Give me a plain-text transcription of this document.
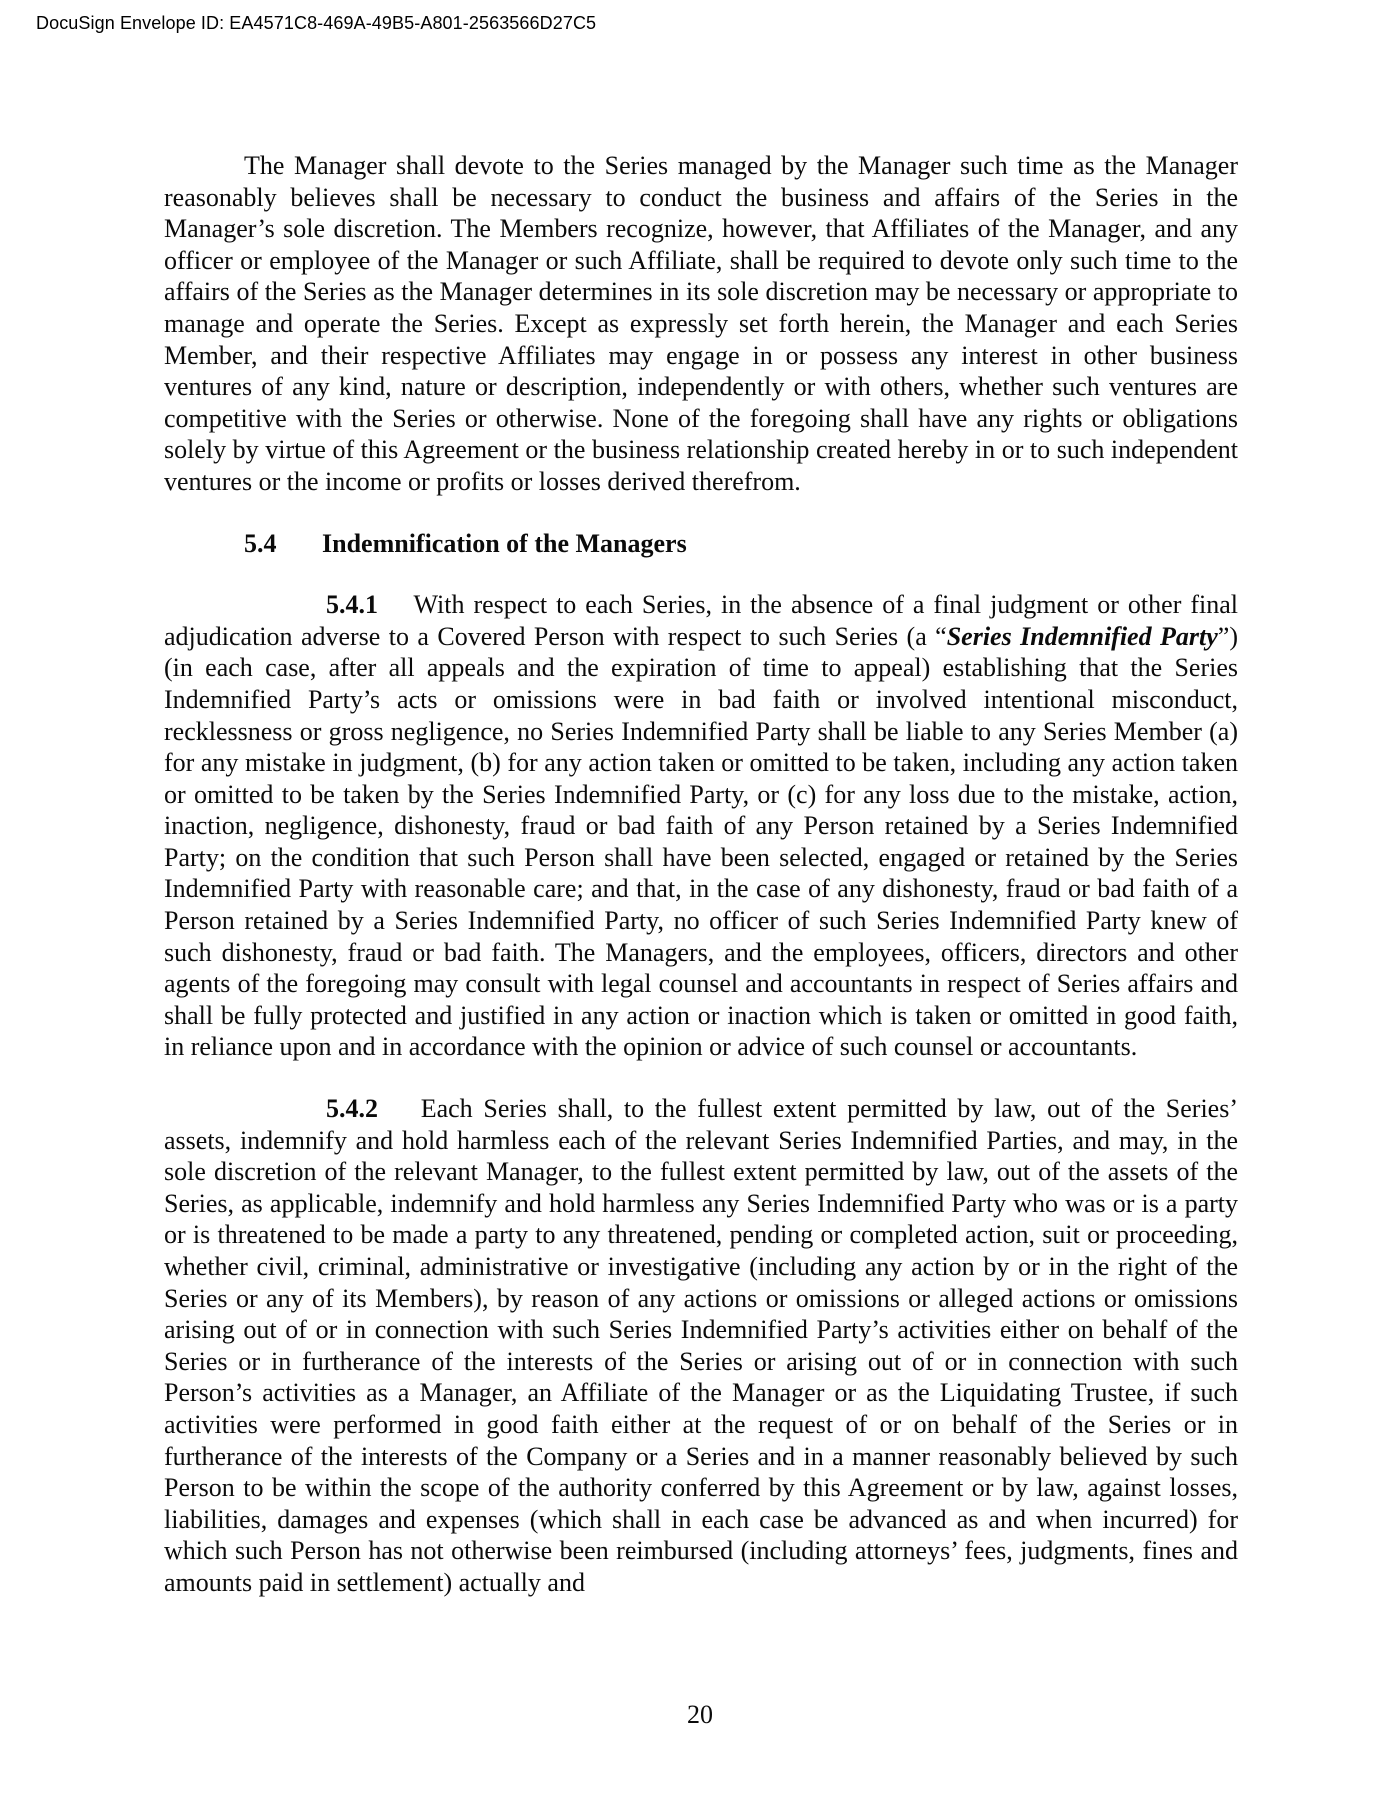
DocuSign Envelope ID: EA4571C8-469A-49B5-A801-2563566D27C5

The Manager shall devote to the Series managed by the Manager such time as the Manager reasonably believes shall be necessary to conduct the business and affairs of the Series in the Manager’s sole discretion. The Members recognize, however, that Affiliates of the Manager, and any officer or employee of the Manager or such Affiliate, shall be required to devote only such time to the affairs of the Series as the Manager determines in its sole discretion may be necessary or appropriate to manage and operate the Series. Except as expressly set forth herein, the Manager and each Series Member, and their respective Affiliates may engage in or possess any interest in other business ventures of any kind, nature or description, independently or with others, whether such ventures are competitive with the Series or otherwise. None of the foregoing shall have any rights or obligations solely by virtue of this Agreement or the business relationship created hereby in or to such independent ventures or the income or profits or losses derived therefrom.

5.4 Indemnification of the Managers

5.4.1    With respect to each Series, in the absence of a final judgment or other final adjudication adverse to a Covered Person with respect to such Series (a “Series Indemnified Party”) (in each case, after all appeals and the expiration of time to appeal) establishing that the Series Indemnified Party’s acts or omissions were in bad faith or involved intentional misconduct, recklessness or gross negligence, no Series Indemnified Party shall be liable to any Series Member (a) for any mistake in judgment, (b) for any action taken or omitted to be taken, including any action taken or omitted to be taken by the Series Indemnified Party, or (c) for any loss due to the mistake, action, inaction, negligence, dishonesty, fraud or bad faith of any Person retained by a Series Indemnified Party; on the condition that such Person shall have been selected, engaged or retained by the Series Indemnified Party with reasonable care; and that, in the case of any dishonesty, fraud or bad faith of a Person retained by a Series Indemnified Party, no officer of such Series Indemnified Party knew of such dishonesty, fraud or bad faith. The Managers, and the employees, officers, directors and other agents of the foregoing may consult with legal counsel and accountants in respect of Series affairs and shall be fully protected and justified in any action or inaction which is taken or omitted in good faith, in reliance upon and in accordance with the opinion or advice of such counsel or accountants.

5.4.2    Each Series shall, to the fullest extent permitted by law, out of the Series’ assets, indemnify and hold harmless each of the relevant Series Indemnified Parties, and may, in the sole discretion of the relevant Manager, to the fullest extent permitted by law, out of the assets of the Series, as applicable, indemnify and hold harmless any Series Indemnified Party who was or is a party or is threatened to be made a party to any threatened, pending or completed action, suit or proceeding, whether civil, criminal, administrative or investigative (including any action by or in the right of the Series or any of its Members), by reason of any actions or omissions or alleged actions or omissions arising out of or in connection with such Series Indemnified Party’s activities either on behalf of the Series or in furtherance of the interests of the Series or arising out of or in connection with such Person’s activities as a Manager, an Affiliate of the Manager or as the Liquidating Trustee, if such activities were performed in good faith either at the request of or on behalf of the Series or in furtherance of the interests of the Company or a Series and in a manner reasonably believed by such Person to be within the scope of the authority conferred by this Agreement or by law, against losses, liabilities, damages and expenses (which shall in each case be advanced as and when incurred) for which such Person has not otherwise been reimbursed (including attorneys’ fees, judgments, fines and amounts paid in settlement) actually and

20
